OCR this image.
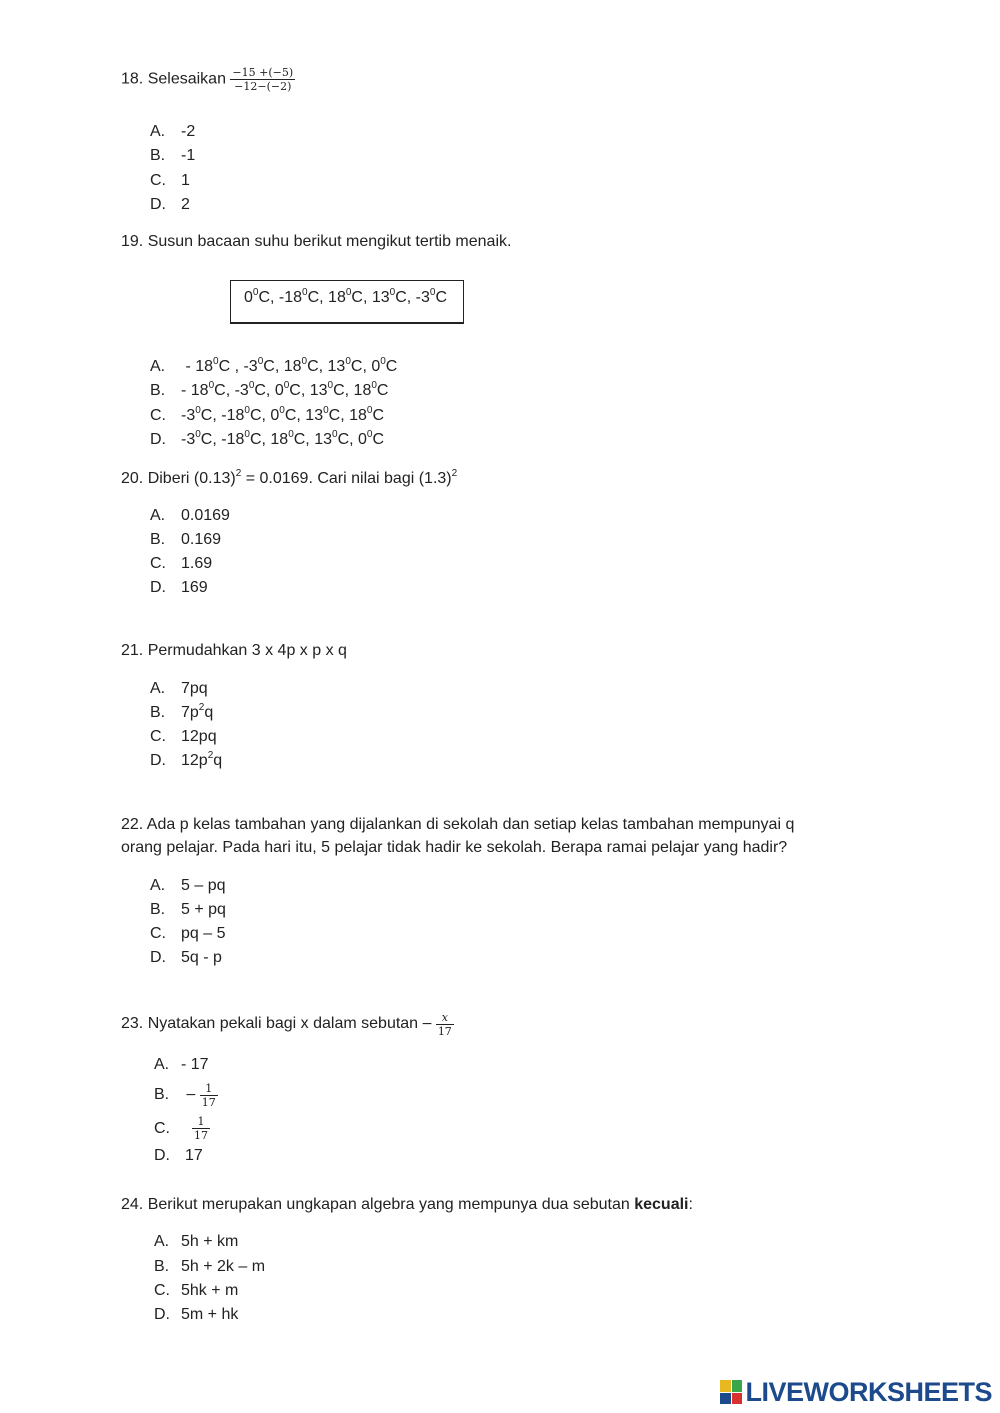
18. Selesaikan $\frac{-15 +(-5)}{-12-(-2)}$
A. -2
B. -1
C. 1
D. 2
19. Susun bacaan suhu berikut mengikut tertib menaik.
$0^0C$, $-18^0C$, $18^0C$, $13^0C$, $-3^0C$
A. - $18^0C$ , $-3^0C$, $18^0C$, $13^0C$, $0^0C$
B. - $18^0C$, $-3^0C$, $0^0C$, $13^0C$, $18^0C$
C. $-3^0C$, $-18^0C$, $0^0C$, $13^0C$, $18^0C$
D. $-3^0C$, $-18^0C$, $18^0C$, $13^0C$, $0^0C$
20. Diberi $(0.13)^2 = 0.0169$. Cari nilai bagi $(1.3)^2$
A. 0.0169
B. 0.169
C. 1.69
D. 169
21. Permudahkan 3 x 4p x p x q
A. 7pq
B. $7p^2q$
C. 12pq
D. $12p^2q$
22. Ada p kelas tambahan yang dijalankan di sekolah dan setiap kelas tambahan mempunyai q
orang pelajar. Pada hari itu, 5 pelajar tidak hadir ke sekolah. Berapa ramai pelajar yang hadir?
A. 5 – pq
B. 5 + pq
C. pq – 5
D. 5q - p
23. Nyatakan pekali bagi x dalam sebutan − $\frac{x}{17}$
A. - 17
B. − $\frac{1}{17}$
C. $\frac{1}{17}$
D. 17
24. Berikut merupakan ungkapan algebra yang mempunya dua sebutan kecuali:
A. 5h + km
B. 5h + 2k – m
C. 5hk + m
D. 5m + hk
LIVEWORKSHEETS
